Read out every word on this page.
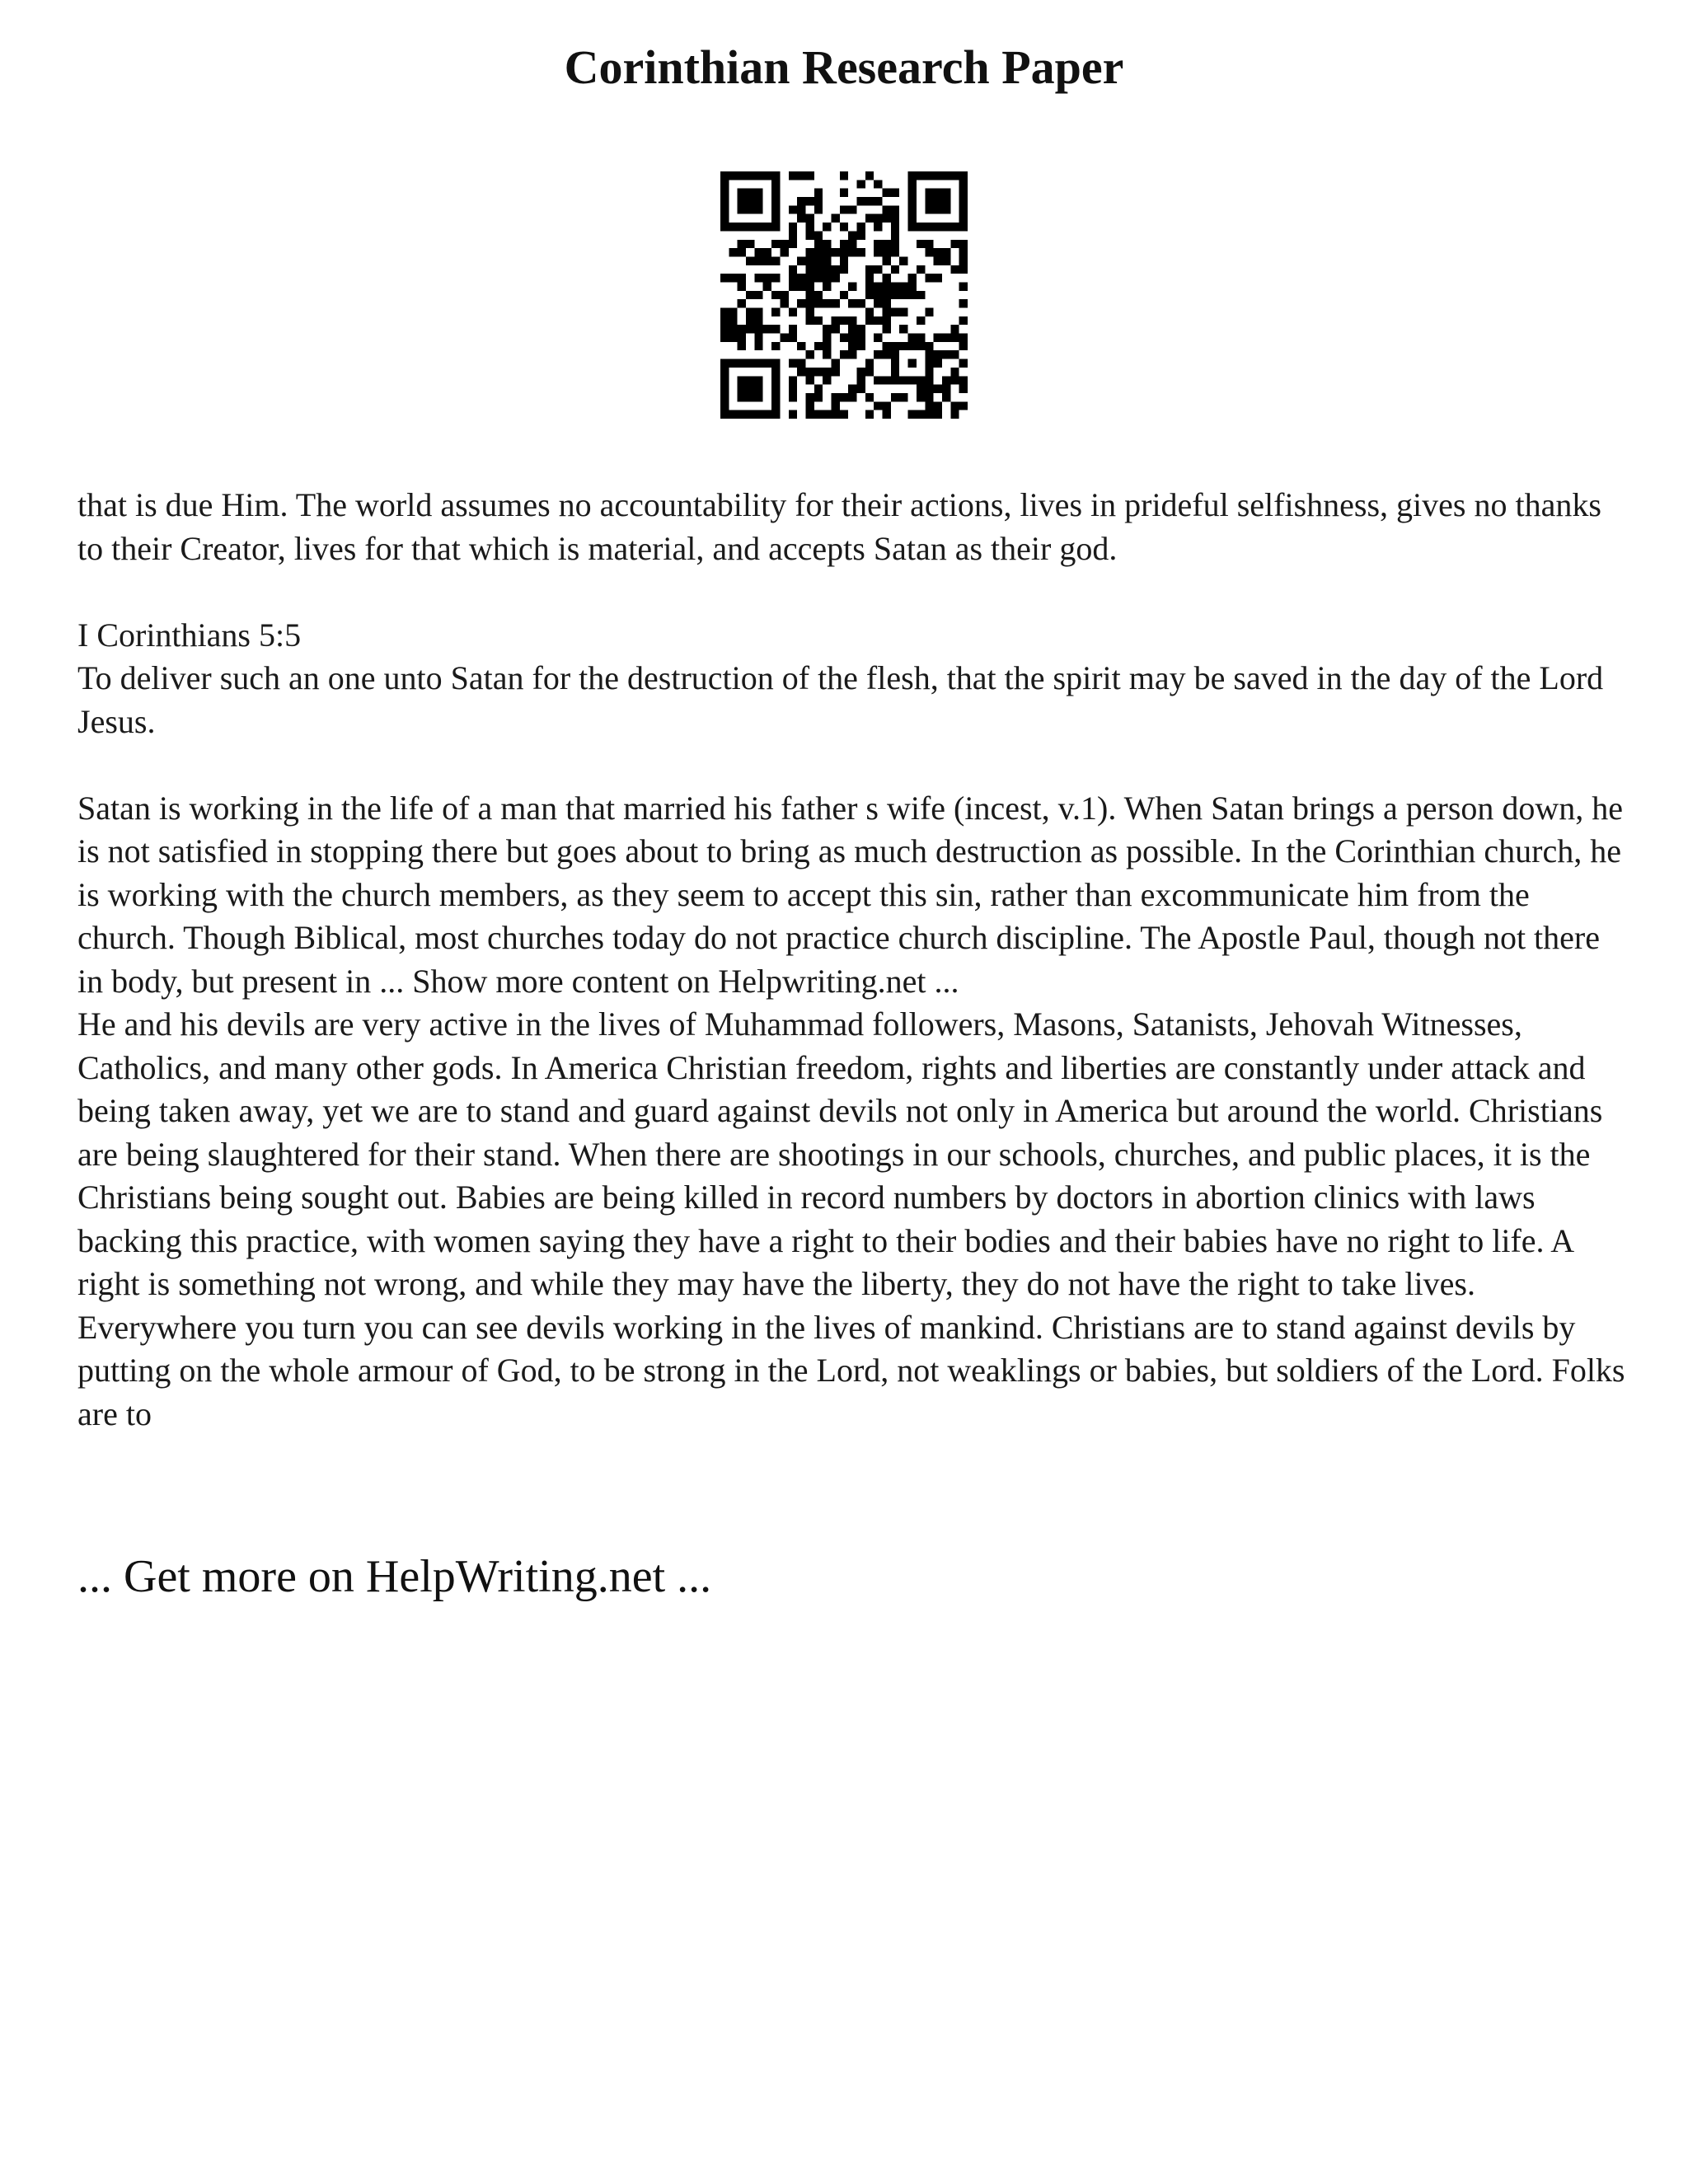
Corinthian Research Paper

that is due Him. The world assumes no accountability for their actions, lives in prideful selfishness, gives no thanks to their Creator, lives for that which is material, and accepts Satan as their god.

I Corinthians 5:5

To deliver such an one unto Satan for the destruction of the flesh, that the spirit may be saved in the day of the Lord Jesus.

Satan is working in the life of a man that married his father s wife (incest, v.1). When Satan brings a person down, he is not satisfied in stopping there but goes about to bring as much destruction as possible. In the Corinthian church, he is working with the church members, as they seem to accept this sin, rather than excommunicate him from the church. Though Biblical, most churches today do not practice church discipline. The Apostle Paul, though not there in body, but present in ... Show more content on Helpwriting.net ...

He and his devils are very active in the lives of Muhammad followers, Masons, Satanists, Jehovah Witnesses, Catholics, and many other gods. In America Christian freedom, rights and liberties are constantly under attack and being taken away, yet we are to stand and guard against devils not only in America but around the world. Christians are being slaughtered for their stand. When there are shootings in our schools, churches, and public places, it is the Christians being sought out. Babies are being killed in record numbers by doctors in abortion clinics with laws backing this practice, with women saying they have a right to their bodies and their babies have no right to life. A right is something not wrong, and while they may have the liberty, they do not have the right to take lives. Everywhere you turn you can see devils working in the lives of mankind. Christians are to stand against devils by putting on the whole armour of God, to be strong in the Lord, not weaklings or babies, but soldiers of the Lord. Folks are to

... Get more on HelpWriting.net ...
